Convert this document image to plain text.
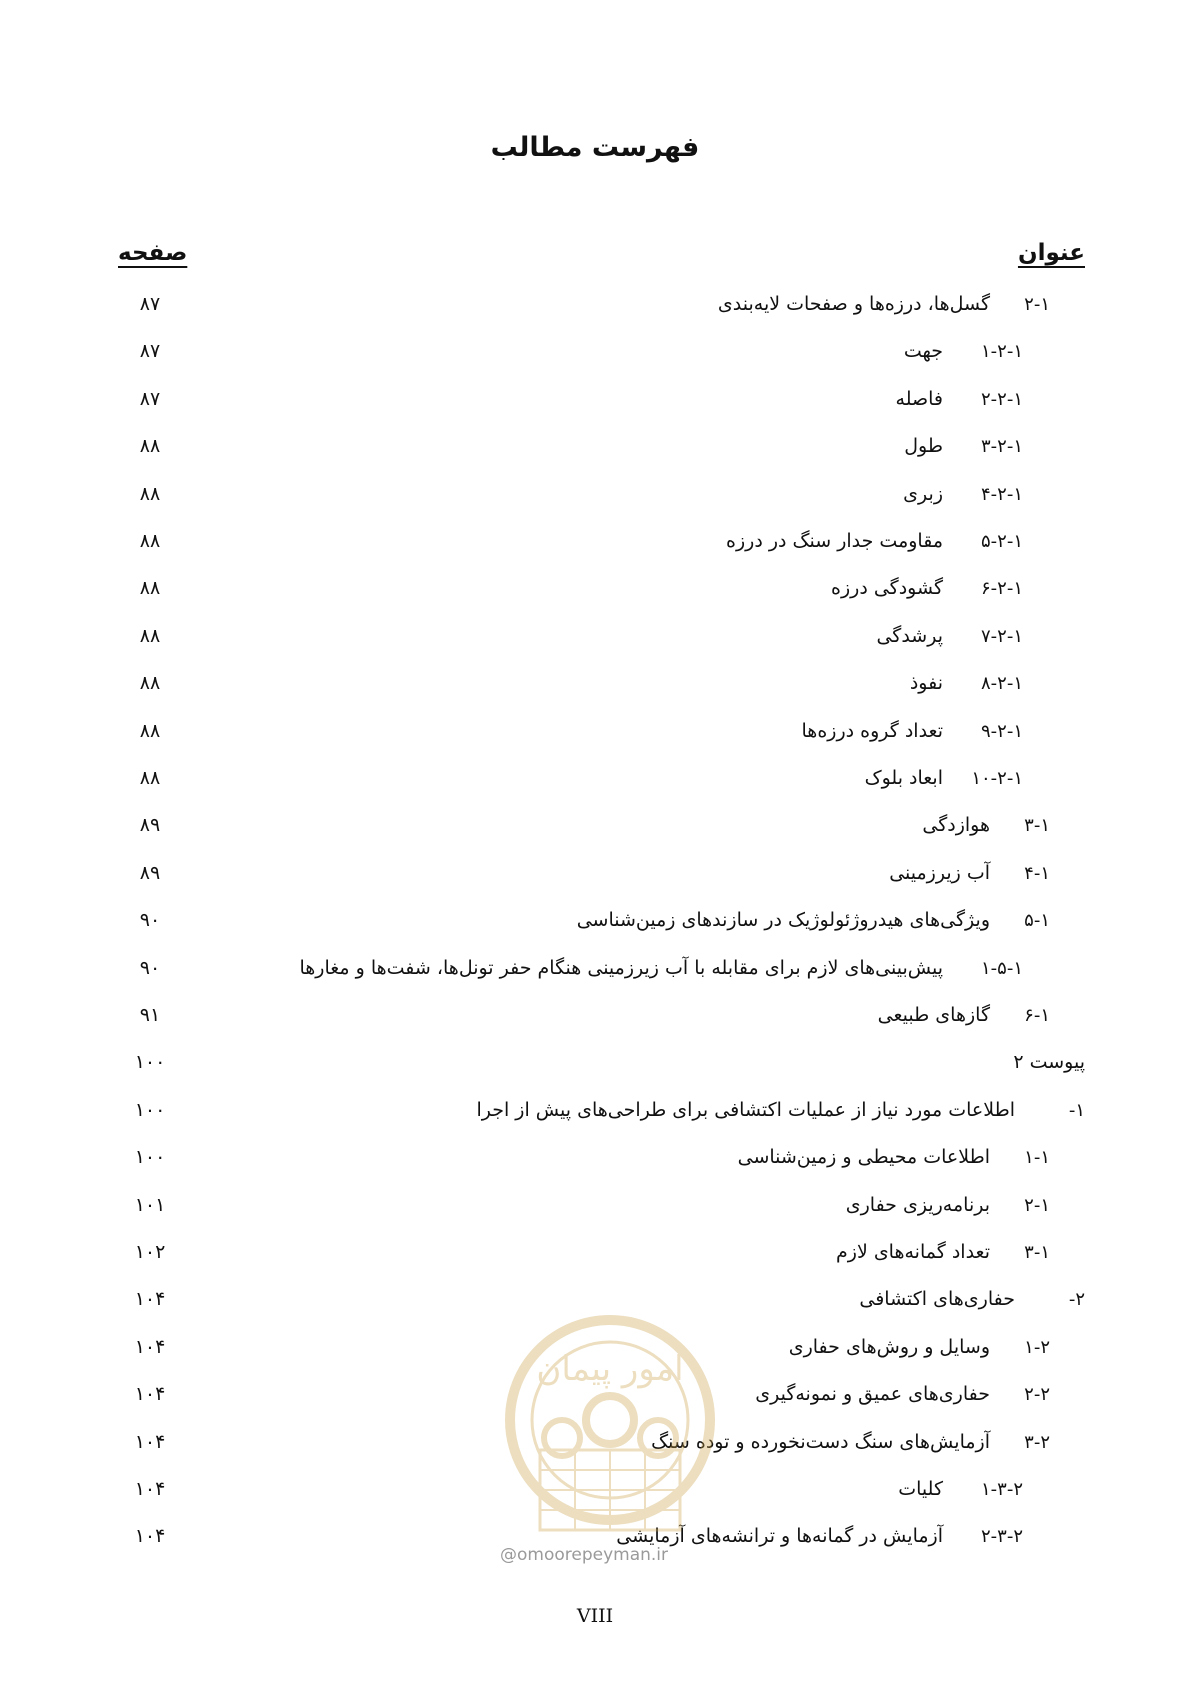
فهرست مطالب
عنوان
صفحه
۲-۱
گسل‌ها، درزه‌ها و صفحات لایه‌بندی
۸۷
۱-۲-۱
جهت
۸۷
۲-۲-۱
فاصله
۸۷
۳-۲-۱
طول
۸۸
۴-۲-۱
زبری
۸۸
۵-۲-۱
مقاومت جدار سنگ در درزه
۸۸
۶-۲-۱
گشودگی درزه
۸۸
۷-۲-۱
پرشدگی
۸۸
۸-۲-۱
نفوذ
۸۸
۹-۲-۱
تعداد گروه درزه‌ها
۸۸
۱۰-۲-۱
ابعاد بلوک
۸۸
۳-۱
هوازدگی
۸۹
۴-۱
آب زیرزمینی
۸۹
۵-۱
ویژگی‌های هیدروژئولوژیک در سازندهای زمین‌شناسی
۹۰
۱-۵-۱
پیش‌بینی‌های لازم برای مقابله با آب زیرزمینی هنگام حفر تونل‌ها، شفت‌ها و مغارها
۹۰
۶-۱
گازهای طبیعی
۹۱
پیوست ۲
۱۰۰
۱-
اطلاعات مورد نیاز از عملیات اکتشافی برای طراحی‌های پیش از اجرا
۱۰۰
۱-۱
اطلاعات محیطی و زمین‌شناسی
۱۰۰
۲-۱
برنامه‌ریزی حفاری
۱۰۱
۳-۱
تعداد گمانه‌های لازم
۱۰۲
۲-
حفاری‌های اکتشافی
۱۰۴
۱-۲
وسایل و روش‌های حفاری
۱۰۴
۲-۲
حفاری‌های عمیق و نمونه‌گیری
۱۰۴
۳-۲
آزمایش‌های سنگ دست‌نخورده و توده سنگ
۱۰۴
۱-۳-۲
کلیات
۱۰۴
۲-۳-۲
آزمایش در گمانه‌ها و ترانشه‌های آزمایشی
۱۰۴
امور پیمان
@omoorepeyman.ir
VIII
